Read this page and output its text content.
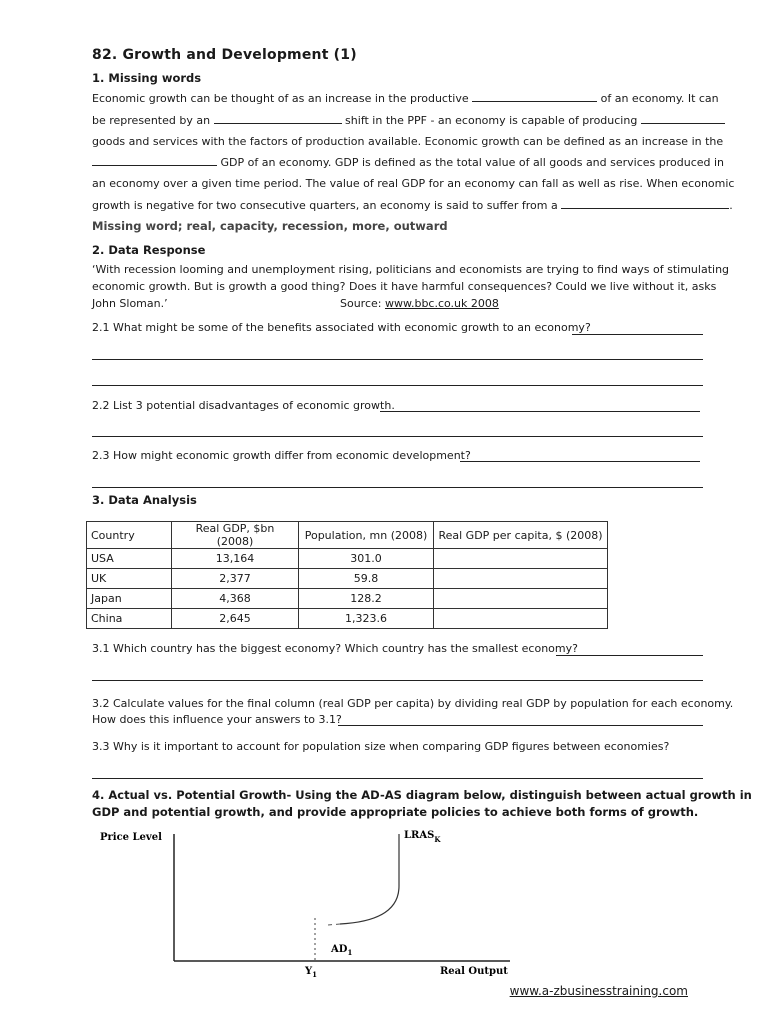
82. Growth and Development (1)
1. Missing words
Economic growth can be thought of as an increase in the productive	of an economy. It can
be represented by an	shift in the PPF - an economy is capable of producing
goods and services with the factors of production available. Economic growth can be defined as an increase in the
GDP of an economy. GDP is defined as the total value of all goods and services produced in
an economy over a given time period. The value of real GDP for an economy can fall as well as rise. When economic
growth is negative for two consecutive quarters, an economy is said to suffer from a	.
Missing word; real, capacity, recession, more, outward
2. Data Response
‘With recession looming and unemployment rising, politicians and economists are trying to find ways of stimulating
economic growth. But is growth a good thing? Does it have harmful consequences? Could we live without it, asks
John Sloman.’	Source: www.bbc.co.uk 2008
2.1 What might be some of the benefits associated with economic growth to an economy?
2.2 List 3 potential disadvantages of economic growth.
2.3 How might economic growth differ from economic development?
3. Data Analysis
Country	Real GDP, $bn (2008)	Population, mn (2008)	Real GDP per capita, $ (2008)
USA	13,164	301.0	
UK	2,377	59.8	
Japan	4,368	128.2	
China	2,645	1,323.6	
3.1 Which country has the biggest economy? Which country has the smallest economy?
3.2 Calculate values for the final column (real GDP per capita) by dividing real GDP by population for each economy.
How does this influence your answers to 3.1?
3.3 Why is it important to account for population size when comparing GDP figures between economies?
4. Actual vs. Potential Growth- Using the AD-AS diagram below, distinguish between actual growth in
GDP and potential growth, and provide appropriate policies to achieve both forms of growth.
Price Level	$LRAS_K$
$AD_1$
$Y_1$	Real Output
www.a-zbusinesstraining.com
